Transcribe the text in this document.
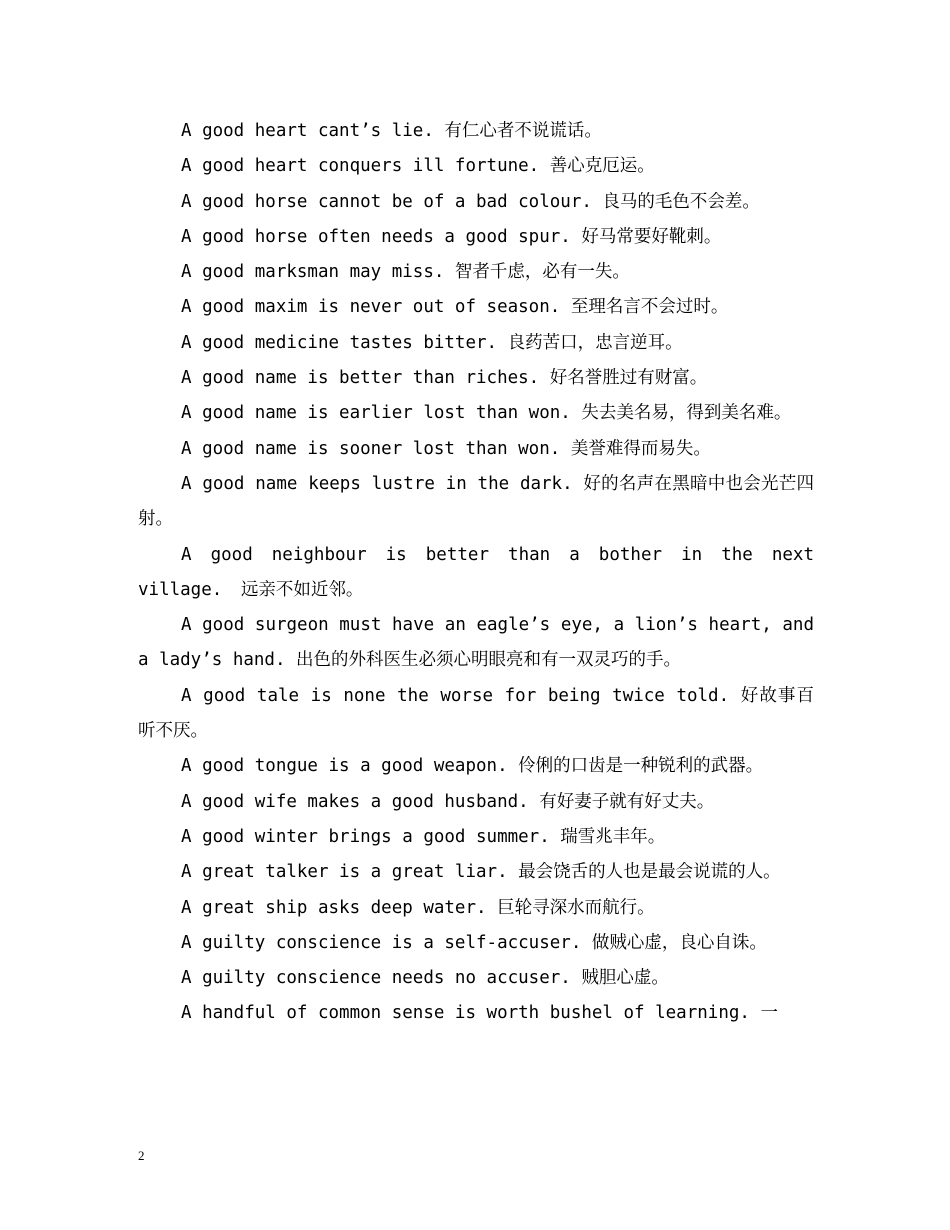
A good heart cant’s lie. 有仁心者不说谎话。

A good heart conquers ill fortune. 善心克厄运。

A good horse cannot be of a bad colour. 良马的毛色不会差。

A good horse often needs a good spur. 好马常要好靴刺。

A good marksman may miss. 智者千虑，必有一失。

A good maxim is never out of season. 至理名言不会过时。

A good medicine tastes bitter. 良药苦口，忠言逆耳。

A good name is better than riches. 好名誉胜过有财富。

A good name is earlier lost than won. 失去美名易，得到美名难。

A good name is sooner lost than won. 美誉难得而易失。

A good name keeps lustre in the dark. 好的名声在黑暗中也会光芒四射。

A good neighbour is better than a bother in the next village. 远亲不如近邻。

A good surgeon must have an eagle’s eye, a lion’s heart, and a lady’s hand. 出色的外科医生必须心明眼亮和有一双灵巧的手。

A good tale is none the worse for being twice told. 好故事百听不厌。

A good tongue is a good weapon. 伶俐的口齿是一种锐利的武器。

A good wife makes a good husband. 有好妻子就有好丈夫。

A good winter brings a good summer. 瑞雪兆丰年。

A great talker is a great liar. 最会饶舌的人也是最会说谎的人。

A great ship asks deep water. 巨轮寻深水而航行。

A guilty conscience is a self-accuser. 做贼心虚，良心自诛。

A guilty conscience needs no accuser. 贼胆心虚。

A handful of common sense is worth bushel of learning. 一

2
